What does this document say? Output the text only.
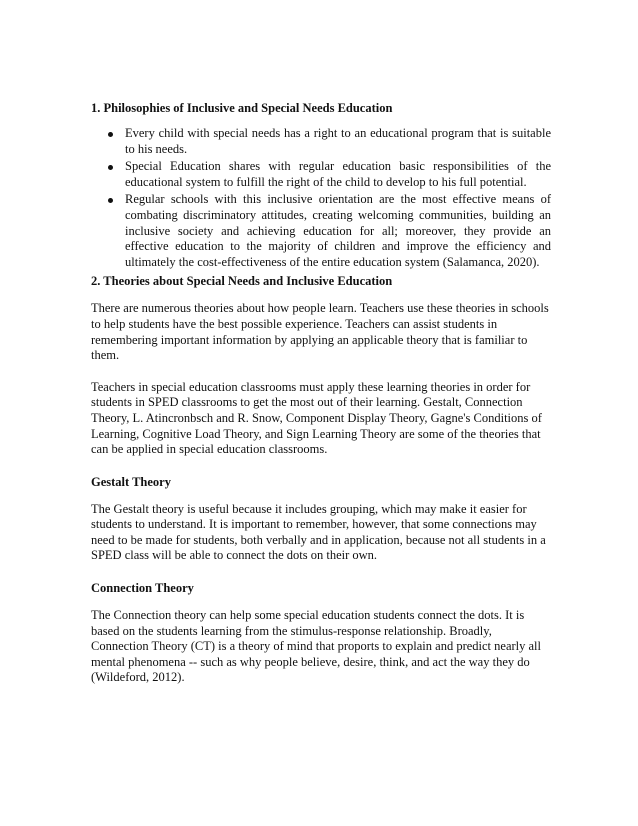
1. Philosophies of Inclusive and Special Needs Education
Every child with special needs has a right to an educational program that is suitable to his needs.
Special Education shares with regular education basic responsibilities of the educational system to fulfill the right of the child to develop to his full potential.
Regular schools with this inclusive orientation are the most effective means of combating discriminatory attitudes, creating welcoming communities, building an inclusive society and achieving education for all; moreover, they provide an effective education to the majority of children and improve the efficiency and ultimately the cost-effectiveness of the entire education system (Salamanca, 2020).
2. Theories about Special Needs and Inclusive Education

There are numerous theories about how people learn. Teachers use these theories in schools to help students have the best possible experience. Teachers can assist students in remembering important information by applying an applicable theory that is familiar to them.

Teachers in special education classrooms must apply these learning theories in order for students in SPED classrooms to get the most out of their learning. Gestalt, Connection Theory, L. Atincronbsch and R. Snow, Component Display Theory, Gagne's Conditions of Learning, Cognitive Load Theory, and Sign Learning Theory are some of the theories that can be applied in special education classrooms.

Gestalt Theory

The Gestalt theory is useful because it includes grouping, which may make it easier for students to understand. It is important to remember, however, that some connections may need to be made for students, both verbally and in application, because not all students in a SPED class will be able to connect the dots on their own.

Connection Theory

The Connection theory can help some special education students connect the dots. It is based on the students learning from the stimulus-response relationship. Broadly, Connection Theory (CT) is a theory of mind that proports to explain and predict nearly all mental phenomena -- such as why people believe, desire, think, and act the way they do (Wildeford, 2012).
